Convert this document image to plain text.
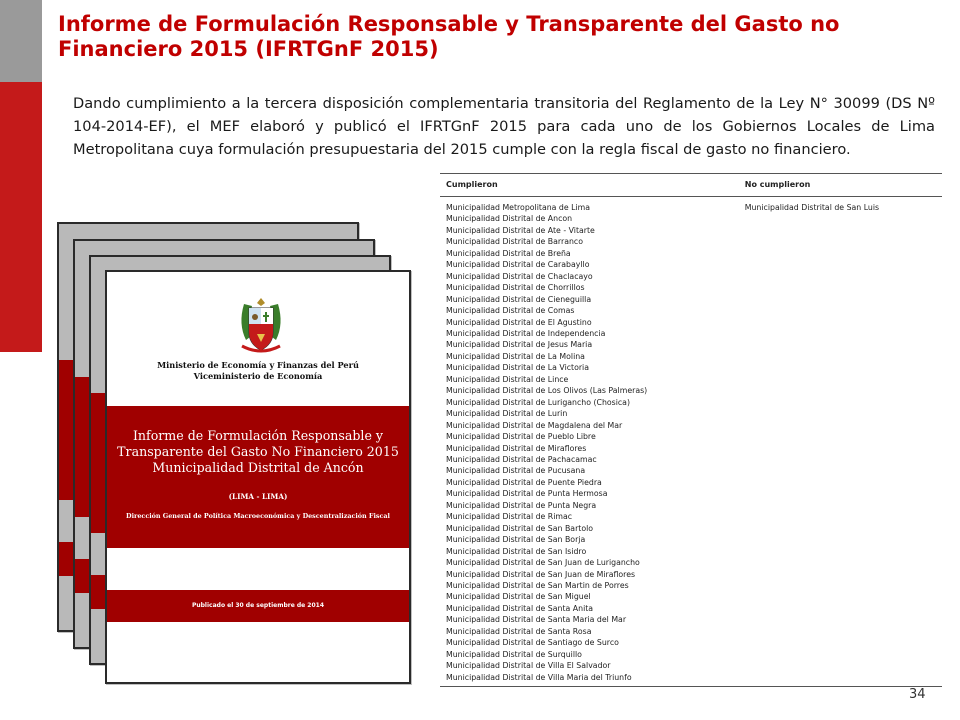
Informe de Formulación Responsable y Transparente del Gasto no Financiero 2015 (IFRTGnF 2015)
Dando cumplimiento a la tercera disposición complementaria transitoria del Reglamento de la Ley N° 30099 (DS Nº 104-2014-EF), el MEF elaboró y publicó el IFRTGnF 2015 para cada uno de los Gobiernos Locales de Lima Metropolitana cuya formulación presupuestaria del 2015 cumple con la regla fiscal de gasto no financiero.
Ministerio de Economía y Finanzas del Perú
Viceministerio de Economía
Informe de Formulación Responsable y
Transparente del Gasto No Financiero 2015
Municipalidad Distrital de Ancón
(LIMA - LIMA)
Dirección General de Política Macroeconómica y Descentralización Fiscal
Publicado el 30 de septiembre de 2014
Cumplieron	No cumplieron
Municipalidad Metropolitana de Lima	Municipalidad Distrital de San Luis
Municipalidad Distrital de Ancon	
Municipalidad Distrital de Ate - Vitarte	
Municipalidad Distrital de Barranco	
Municipalidad Distrital de Breña	
Municipalidad Distrital de Carabayllo	
Municipalidad Distrital de Chaclacayo	
Municipalidad Distrital de Chorrillos	
Municipalidad Distrital de Cieneguilla	
Municipalidad Distrital de Comas	
Municipalidad Distrital de El Agustino	
Municipalidad Distrital de Independencia	
Municipalidad Distrital de Jesus Maria	
Municipalidad Distrital de La Molina	
Municipalidad Distrital de La Victoria	
Municipalidad Distrital de Lince	
Municipalidad Distrital de Los Olivos (Las Palmeras)	
Municipalidad Distrital de Lurigancho (Chosica)	
Municipalidad Distrital de Lurin	
Municipalidad Distrital de Magdalena del Mar	
Municipalidad Distrital de Pueblo Libre	
Municipalidad Distrital de Miraflores	
Municipalidad Distrital de Pachacamac	
Municipalidad Distrital de Pucusana	
Municipalidad Distrital de Puente Piedra	
Municipalidad Distrital de Punta Hermosa	
Municipalidad Distrital de Punta Negra	
Municipalidad Distrital de Rimac	
Municipalidad Distrital de San Bartolo	
Municipalidad Distrital de San Borja	
Municipalidad Distrital de San Isidro	
Municipalidad Distrital de San Juan de Lurigancho	
Municipalidad Distrital de San Juan de Miraflores	
Municipalidad Distrital de San Martin de Porres	
Municipalidad Distrital de San Miguel	
Municipalidad Distrital de Santa Anita	
Municipalidad Distrital de Santa Maria del Mar	
Municipalidad Distrital de Santa Rosa	
Municipalidad Distrital de Santiago de Surco	
Municipalidad Distrital de Surquillo	
Municipalidad Distrital de Villa El Salvador	
Municipalidad Distrital de Villa Maria del Triunfo	
34
